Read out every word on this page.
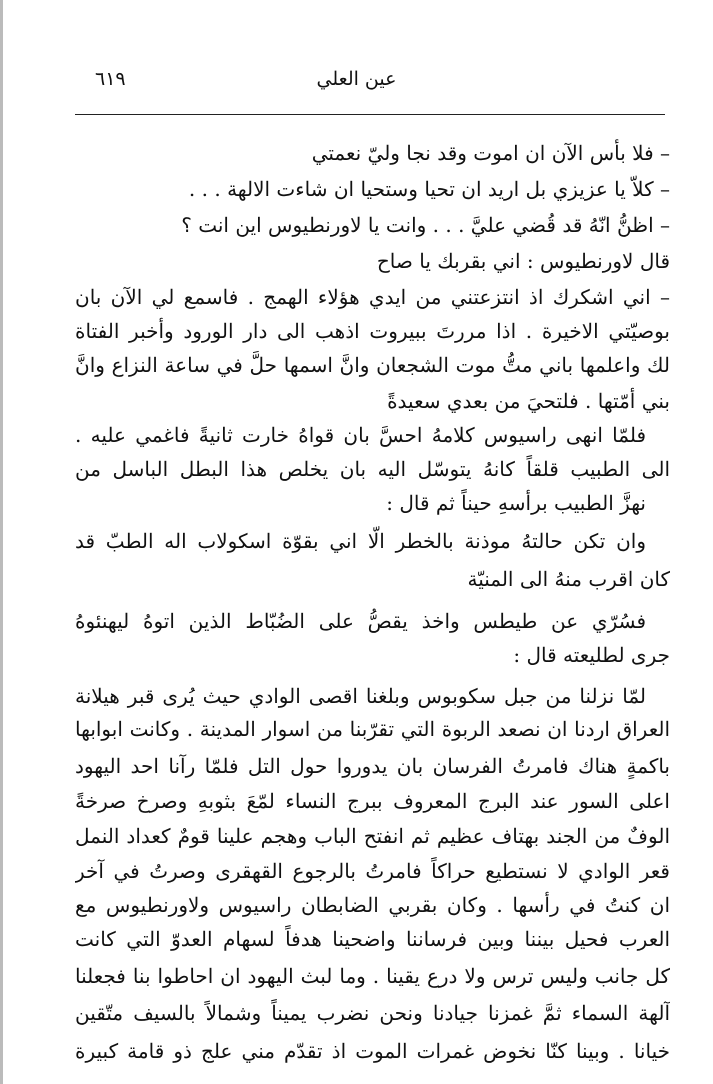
٦١٩	عين العلي
– فلا بأس الآن ان اموت وقد نجا وليّ نعمتي
– كلاّ يا عزيزي بل اريد ان تحيا وستحيا ان شاءت الالهة . . .
– اظنُّ انّهُ قد قُضي عليَّ . . . وانت يا لاورنطيوس اين انت ؟
قال لاورنطيوس : اني بقربك يا صاح
– اني اشكرك اذ انتزعتني من ايدي هؤلاء الهمج . فاسمع لي الآن بان
بوصيّتي الاخيرة . اذا مررتَ ببيروت اذهب الى دار الورود وأخبر الفتاة
لك واعلمها باني متُّ موت الشجعان وانَّ اسمها حلَّ في ساعة النزاع وانَّ
بني أمّتها . فلتحيَ من بعدي سعيدةً
فلمّا انهى راسيوس كلامهُ احسَّ بان قواهُ خارت ثانيةً فاغمي عليه .
الى الطبيب قلقاً كانهُ يتوسّل اليه بان يخلص هذا البطل الباسل من
نهزَّ الطبيب برأسهِ حيناً ثم قال :
وان تكن حالتهُ موذنة بالخطر الّا اني بقوّة اسكولاب اله الطبّ قد
كان اقرب منهُ الى المنيّة
فسُرّي عن طيطس واخذ يقصُّ على الضُبّاط الذين اتوهُ ليهنئوهُ
جرى لطليعته قال :
لمّا نزلنا من جبل سكوبوس وبلغنا اقصى الوادي حيث يُرى قبر هيلانة
العراق اردنا ان نصعد الربوة التي تقرّبنا من اسوار المدينة . وكانت ابوابها
باكمةٍ هناك فامرتُ الفرسان بان يدوروا حول التل فلمّا رآنا احد اليهود
اعلى السور عند البرج المعروف ببرج النساء لمّعَ بثوبهِ وصرخ صرخةً
الوفٌ من الجند بهتاف عظيم ثم انفتح الباب وهجم علينا قومٌ كعداد النمل
قعر الوادي لا نستطيع حراكاً فامرتُ بالرجوع القهقرى وصرتُ في آخر
ان كنتُ في رأسها . وكان بقربي الضابطان راسيوس ولاورنطيوس مع
العرب فحيل بيننا وبين فرساننا واضحينا هدفاً لسهام العدوّ التي كانت
كل جانب وليس ترس ولا درع يقينا . وما لبث اليهود ان احاطوا بنا فجعلنا
آلهة السماء ثمَّ غمزنا جيادنا ونحن نضرب يميناً وشمالاً بالسيف متّقين
خيانا . وبينا كنّا نخوض غمرات الموت اذ تقدّم مني علج ذو قامة كبيرة
